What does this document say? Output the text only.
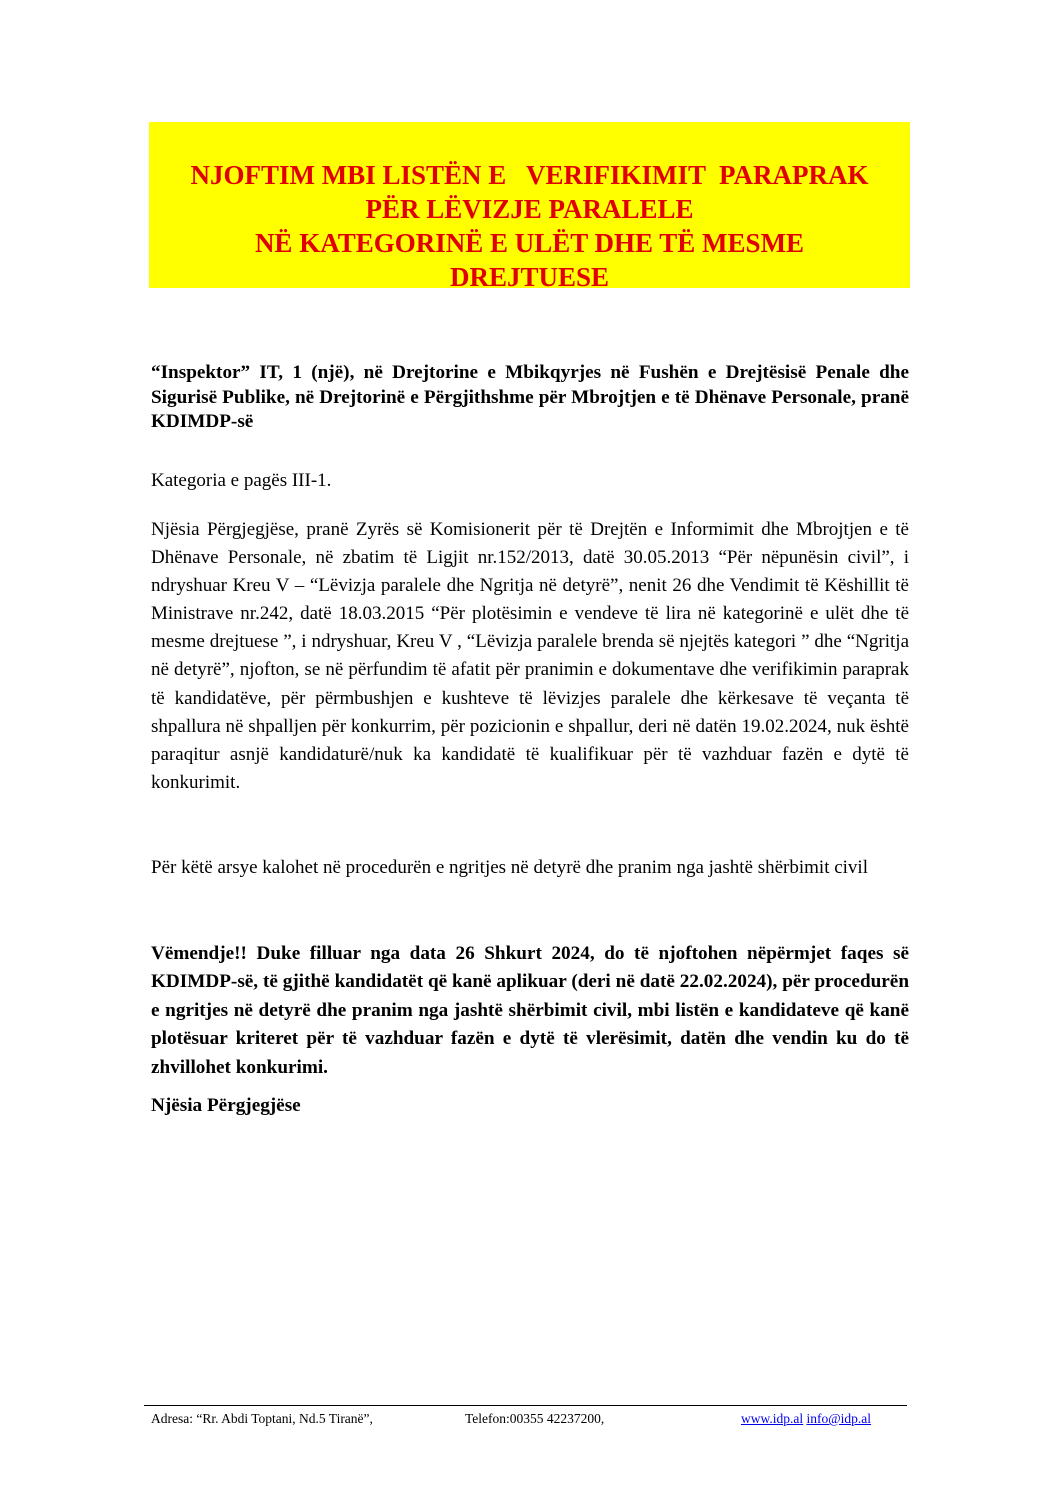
NJOFTIM MBI LISTËN E   VERIFIKIMIT  PARAPRAK
PËR LËVIZJE PARALELE
NË KATEGORINË E ULËT DHE TË MESME
DREJTUESE
“Inspektor” IT, 1 (një), në Drejtorine e Mbikqyrjes në Fushën e Drejtësisë Penale dhe Sigurisë Publike, në Drejtorinë e Përgjithshme për Mbrojtjen e të Dhënave Personale, pranë KDIMDP-së
Kategoria e pagës III-1.
Njësia Përgjegjëse, pranë Zyrës së Komisionerit për të Drejtën e Informimit dhe Mbrojtjen e të Dhënave Personale, në zbatim të Ligjit nr.152/2013, datë 30.05.2013 “Për nëpunësin civil”, i ndryshuar Kreu V – “Lëvizja paralele dhe Ngritja në detyrë”, nenit 26 dhe Vendimit të Këshillit të Ministrave nr.242, datë 18.03.2015 “Për plotësimin e vendeve të lira në kategorinë e ulët dhe të mesme drejtuese ”, i ndryshuar, Kreu V , “Lëvizja paralele brenda së njejtës kategori ” dhe “Ngritja në detyrë”, njofton, se në përfundim të afatit për pranimin e dokumentave dhe verifikimin paraprak të kandidatëve, për përmbushjen e kushteve të lëvizjes paralele dhe kërkesave të veçanta të shpallura në shpalljen për konkurrim, për pozicionin e shpallur, deri në datën 19.02.2024, nuk është paraqitur asnjë kandidaturë/nuk ka kandidatë të kualifikuar për të vazhduar fazën e dytë të konkurimit.
Për këtë arsye kalohet në procedurën e ngritjes në detyrë dhe pranim nga jashtë shërbimit civil
Vëmendje!! Duke filluar nga data 26 Shkurt 2024, do të njoftohen nëpërmjet faqes së KDIMDP-së, të gjithë kandidatët që kanë aplikuar (deri në datë 22.02.2024), për procedurën e ngritjes në detyrë dhe pranim nga jashtë shërbimit civil, mbi listën e kandidateve që kanë plotësuar kriteret për të vazhduar fazën e dytë të vlerësimit, datën dhe vendin ku do të zhvillohet konkurimi.
Njësia Përgjegjëse
Adresa: “Rr. Abdi Toptani, Nd.5 Tiranë”,	Telefon:00355 42237200,	www.idp.al info@idp.al
